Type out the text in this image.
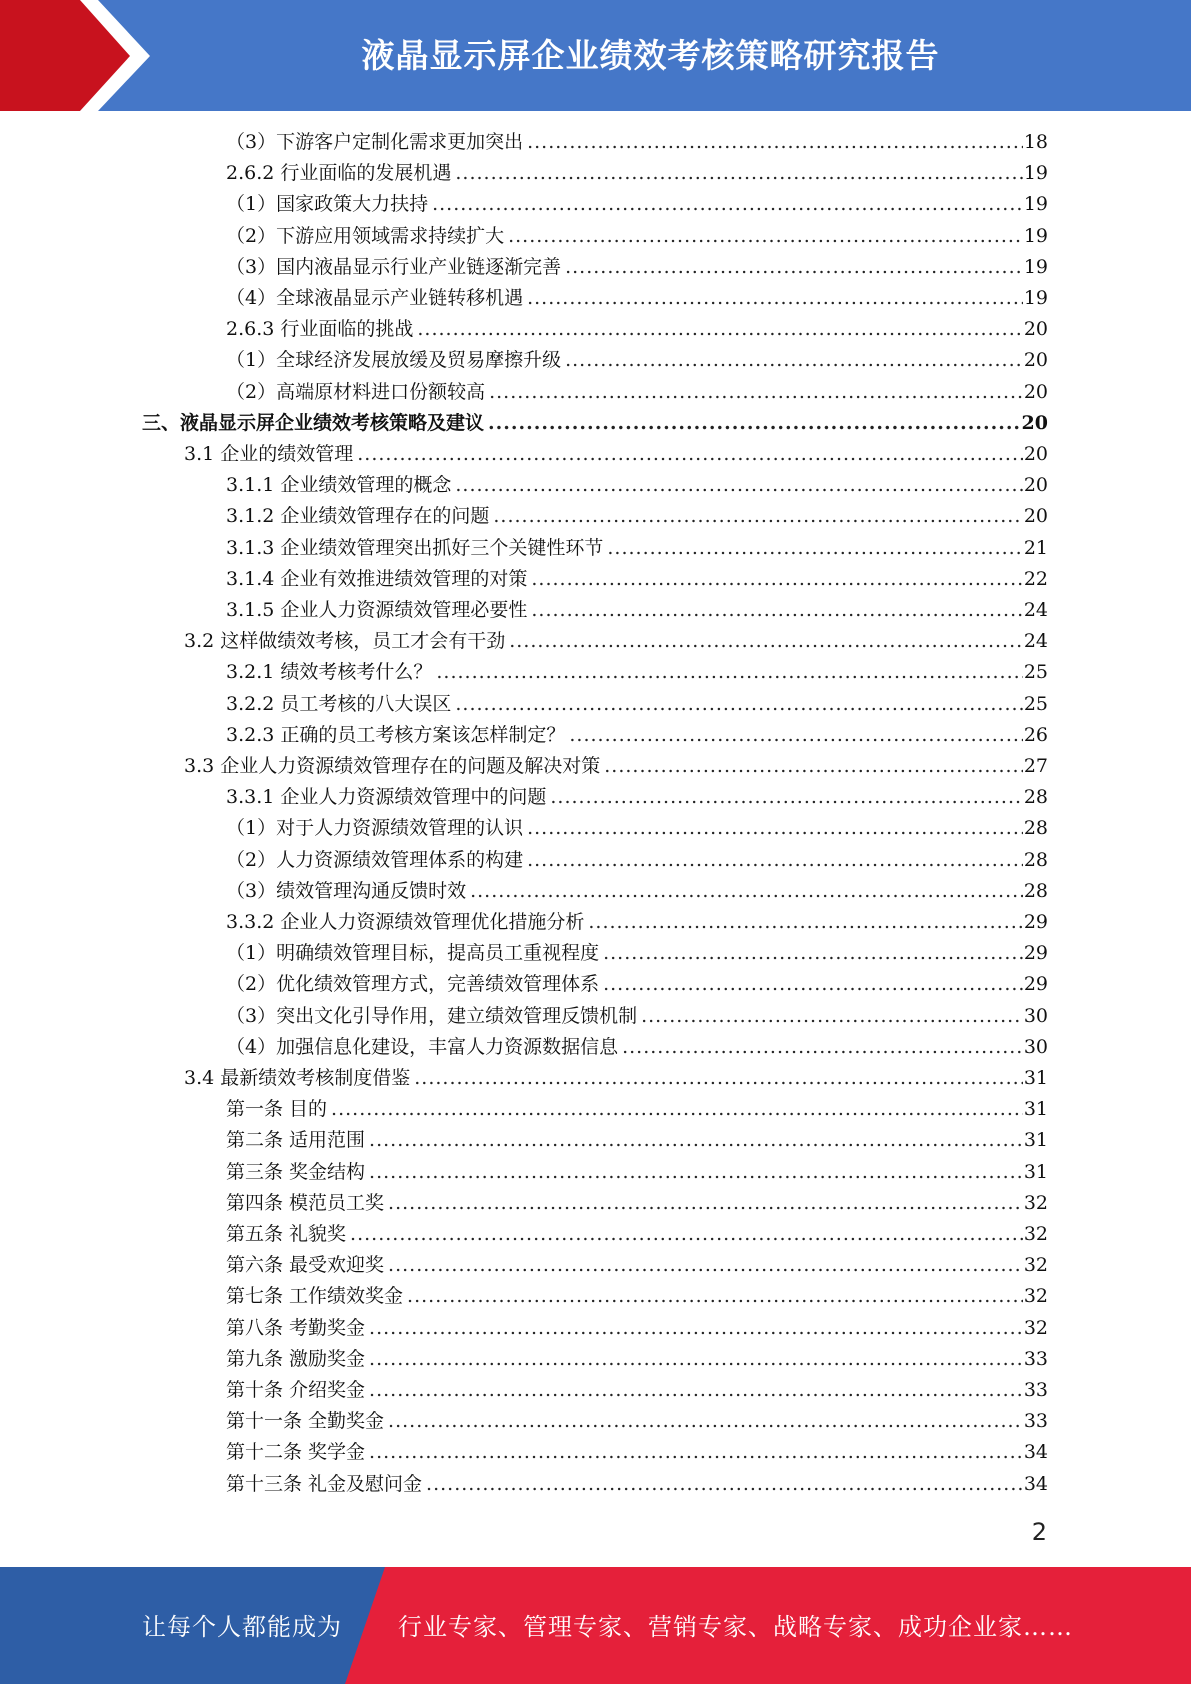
液晶显示屏企业绩效考核策略研究报告
（3）下游客户定制化需求更加突出 .....	18
2.6.2 行业面临的发展机遇 .....	19
（1）国家政策大力扶持 .....	19
（2）下游应用领域需求持续扩大 .....	19
（3）国内液晶显示行业产业链逐渐完善 .....	19
（4）全球液晶显示产业链转移机遇 .....	19
2.6.3 行业面临的挑战 .....	20
（1）全球经济发展放缓及贸易摩擦升级 .....	20
（2）高端原材料进口份额较高 .....	20
三、液晶显示屏企业绩效考核策略及建议 .....	20
3.1 企业的绩效管理 .....	20
3.1.1 企业绩效管理的概念 .....	20
3.1.2 企业绩效管理存在的问题 .....	20
3.1.3 企业绩效管理突出抓好三个关键性环节 .....	21
3.1.4 企业有效推进绩效管理的对策 .....	22
3.1.5 企业人力资源绩效管理必要性 .....	24
3.2 这样做绩效考核，员工才会有干劲 .....	24
3.2.1 绩效考核考什么？ .....	25
3.2.2 员工考核的八大误区 .....	25
3.2.3 正确的员工考核方案该怎样制定？ .....	26
3.3 企业人力资源绩效管理存在的问题及解决对策 .....	27
3.3.1 企业人力资源绩效管理中的问题 .....	28
（1）对于人力资源绩效管理的认识 .....	28
（2）人力资源绩效管理体系的构建 .....	28
（3）绩效管理沟通反馈时效 .....	28
3.3.2 企业人力资源绩效管理优化措施分析 .....	29
（1）明确绩效管理目标，提高员工重视程度 .....	29
（2）优化绩效管理方式，完善绩效管理体系 .....	29
（3）突出文化引导作用，建立绩效管理反馈机制 .....	30
（4）加强信息化建设，丰富人力资源数据信息 .....	30
3.4 最新绩效考核制度借鉴 .....	31
第一条 目的 .....	31
第二条 适用范围 .....	31
第三条 奖金结构 .....	31
第四条 模范员工奖 .....	32
第五条 礼貌奖 .....	32
第六条 最受欢迎奖 .....	32
第七条 工作绩效奖金 .....	32
第八条 考勤奖金 .....	32
第九条 激励奖金 .....	33
第十条 介绍奖金 .....	33
第十一条 全勤奖金 .....	33
第十二条 奖学金 .....	34
第十三条 礼金及慰问金 .....	34
2
让每个人都能成为 行业专家、管理专家、营销专家、战略专家、成功企业家……
